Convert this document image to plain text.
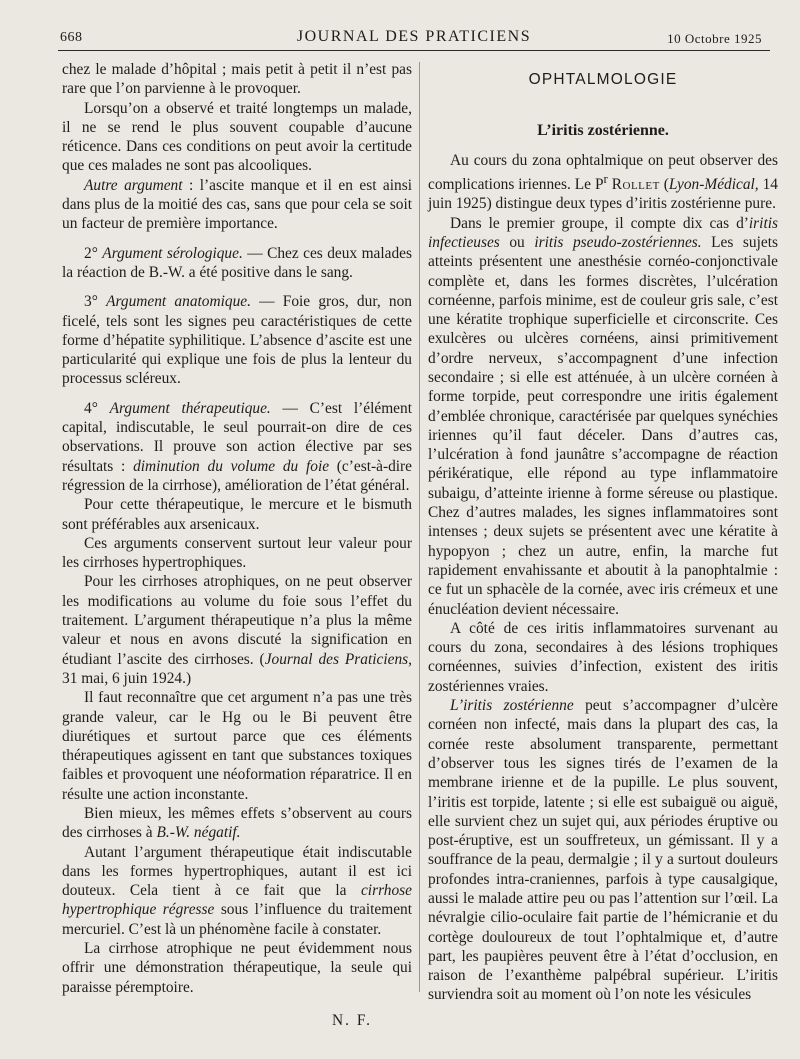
668	JOURNAL DES PRATICIENS	10 Octobre 1925

chez le malade d’hôpital ; mais petit à petit il n’est pas rare que l’on parvienne à le provoquer.

Lorsqu’on a observé et traité longtemps un malade, il ne se rend le plus souvent coupable d’aucune réticence. Dans ces conditions on peut avoir la certitude que ces malades ne sont pas alcooliques.

Autre argument : l’ascite manque et il en est ainsi dans plus de la moitié des cas, sans que pour cela se soit un facteur de première importance.

2° Argument sérologique. — Chez ces deux malades la réaction de B.-W. a été positive dans le sang.

3° Argument anatomique. — Foie gros, dur, non ficelé, tels sont les signes peu caractéristiques de cette forme d’hépatite syphilitique. L’absence d’ascite est une particularité qui explique une fois de plus la lenteur du processus scléreux.

4° Argument thérapeutique. — C’est l’élément capital, indiscutable, le seul pourrait-on dire de ces observations. Il prouve son action élective par ses résultats : diminution du volume du foie (c’est-à-dire régression de la cirrhose), amélioration de l’état général.

Pour cette thérapeutique, le mercure et le bismuth sont préférables aux arsenicaux.

Ces arguments conservent surtout leur valeur pour les cirrhoses hypertrophiques.

Pour les cirrhoses atrophiques, on ne peut observer les modifications au volume du foie sous l’effet du traitement. L’argument thérapeutique n’a plus la même valeur et nous en avons discuté la signification en étudiant l’ascite des cirrhoses. (Journal des Praticiens, 31 mai, 6 juin 1924.)

Il faut reconnaître que cet argument n’a pas une très grande valeur, car le Hg ou le Bi peuvent être diurétiques et surtout parce que ces éléments thérapeutiques agissent en tant que substances toxiques faibles et provoquent une néoformation réparatrice. Il en résulte une action inconstante.

Bien mieux, les mêmes effets s’observent au cours des cirrhoses à B.-W. négatif.

Autant l’argument thérapeutique était indiscutable dans les formes hypertrophiques, autant il est ici douteux. Cela tient à ce fait que la cirrhose hypertrophique régresse sous l’influence du traitement mercuriel. C’est là un phénomène facile à constater.

La cirrhose atrophique ne peut évidemment nous offrir une démonstration thérapeutique, la seule qui paraisse péremptoire.

N. F.

OPHTALMOLOGIE

L’iritis zostérienne.

Au cours du zona ophtalmique on peut observer des complications iriennes. Le $P^r$ Rollet (Lyon-Médical, 14 juin 1925) distingue deux types d’iritis zostérienne pure.

Dans le premier groupe, il compte dix cas d’iritis infectieuses ou iritis pseudo-zostériennes. Les sujets atteints présentent une anesthésie cornéo-conjonctivale complète et, dans les formes discrètes, l’ulcération cornéenne, parfois minime, est de couleur gris sale, c’est une kératite trophique superficielle et circonscrite. Ces exulcères ou ulcères cornéens, ainsi primitivement d’ordre nerveux, s’accompagnent d’une infection secondaire ; si elle est atténuée, à un ulcère cornéen à forme torpide, peut correspondre une iritis également d’emblée chronique, caractérisée par quelques synéchies iriennes qu’il faut déceler. Dans d’autres cas, l’ulcération à fond jaunâtre s’accompagne de réaction périkératique, elle répond au type inflammatoire subaigu, d’atteinte irienne à forme séreuse ou plastique. Chez d’autres malades, les signes inflammatoires sont intenses ; deux sujets se présentent avec une kératite à hypopyon ; chez un autre, enfin, la marche fut rapidement envahissante et aboutit à la panophtalmie : ce fut un sphacèle de la cornée, avec iris crémeux et une énucléation devient nécessaire.

A côté de ces iritis inflammatoires survenant au cours du zona, secondaires à des lésions trophiques cornéennes, suivies d’infection, existent des iritis zostériennes vraies.

L’iritis zostérienne peut s’accompagner d’ulcère cornéen non infecté, mais dans la plupart des cas, la cornée reste absolument transparente, permettant d’observer tous les signes tirés de l’examen de la membrane irienne et de la pupille. Le plus souvent, l’iritis est torpide, latente ; si elle est subaiguë ou aiguë, elle survient chez un sujet qui, aux périodes éruptive ou post-éruptive, est un souffreteux, un gémissant. Il y a souffrance de la peau, dermalgie ; il y a surtout douleurs profondes intra-craniennes, parfois à type causalgique, aussi le malade attire peu ou pas l’attention sur l’œil. La névralgie cilio-oculaire fait partie de l’hémicranie et du cortège douloureux de tout l’ophtalmique et, d’autre part, les paupières peuvent être à l’état d’occlusion, en raison de l’exanthème palpébral supérieur. L’iritis surviendra soit au moment où l’on note les vésicules
